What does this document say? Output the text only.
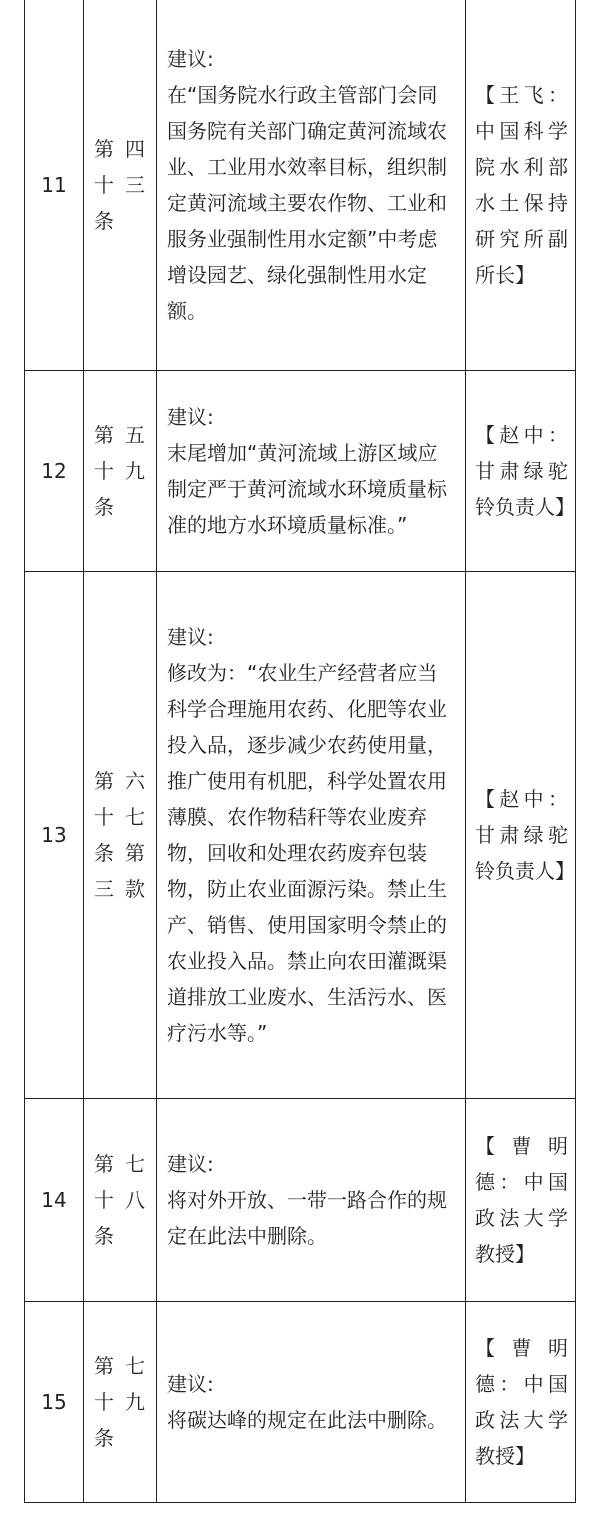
11	第四十三条	建议:
在“国务院水行政主管部门会同国务院有关部门确定黄河流域农业、工业用水效率目标，组织制定黄河流域主要农作物、工业和服务业强制性用水定额”中考虑增设园艺、绿化强制性用水定额。	【王飞：中国科学院水利部水土保持研究所副所长】
12	第五十九条	建议:
末尾增加“黄河流域上游区域应制定严于黄河流域水环境质量标准的地方水环境质量标准。”	【赵中：甘肃绿驼铃负责人】
13	第六十七条第三款	建议:
修改为：“农业生产经营者应当科学合理施用农药、化肥等农业投入品，逐步减少农药使用量，推广使用有机肥，科学处置农用薄膜、农作物秸秆等农业废弃物，回收和处理农药废弃包装物，防止农业面源污染。禁止生产、销售、使用国家明令禁止的农业投入品。禁止向农田灌溉渠道排放工业废水、生活污水、医疗污水等。”	【赵中：甘肃绿驼铃负责人】
14	第七十八条	建议:
将对外开放、一带一路合作的规定在此法中删除。	【曹明德：中国政法大学教授】
15	第七十九条	建议:
将碳达峰的规定在此法中删除。	【曹明德：中国政法大学教授】
